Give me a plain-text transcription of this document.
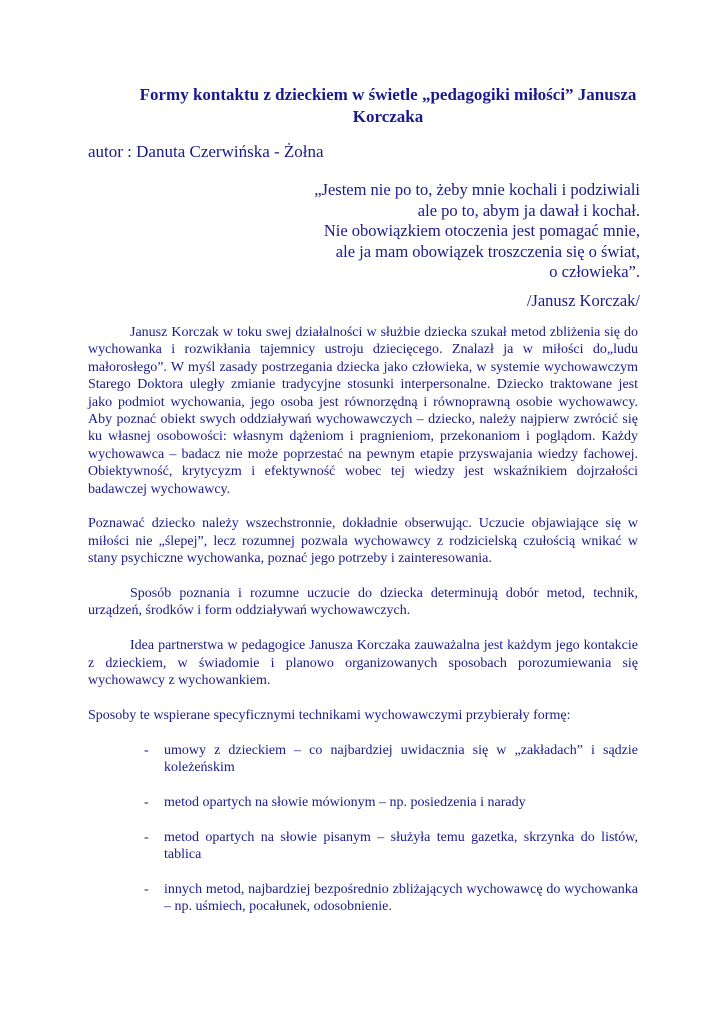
Formy kontaktu z dzieckiem w świetle „pedagogiki miłości” Janusza
Korczaka
autor : Danuta Czerwińska - Żołna
„Jestem nie po to, żeby mnie kochali i podziwiali
ale po to, abym ja dawał i kochał.
Nie obowiązkiem otoczenia jest pomagać mnie,
ale ja mam obowiązek troszczenia się o świat,
o człowieka”.
/Janusz Korczak/

Janusz Korczak w toku swej działalności w służbie dziecka szukał metod zbliżenia się do wychowanka i rozwikłania tajemnicy ustroju dziecięcego. Znalazł ja w miłości do„ludu małorosłego”. W myśl zasady postrzegania dziecka jako człowieka, w systemie wychowawczym Starego Doktora uległy zmianie tradycyjne stosunki interpersonalne. Dziecko traktowane jest jako podmiot wychowania, jego osoba jest równorzędną i równoprawną osobie wychowawcy. Aby poznać obiekt swych oddziaływań wychowawczych – dziecko, należy najpierw zwrócić się ku własnej osobowości: własnym dążeniom i pragnieniom, przekonaniom i poglądom. Każdy wychowawca – badacz nie może poprzestać na pewnym etapie przyswajania wiedzy fachowej. Obiektywność, krytycyzm i efektywność wobec tej wiedzy jest wskaźnikiem dojrzałości badawczej wychowawcy.

Poznawać dziecko należy wszechstronnie, dokładnie obserwując. Uczucie objawiające się w miłości nie „ślepej”, lecz rozumnej pozwala wychowawcy z rodzicielską czułością wnikać w stany psychiczne wychowanka, poznać jego potrzeby i zainteresowania.

Sposób poznania i rozumne uczucie do dziecka determinują dobór metod, technik, urządzeń, środków i form oddziaływań wychowawczych.

Idea partnerstwa w pedagogice Janusza Korczaka zauważalna jest każdym jego kontakcie z dzieckiem, w świadomie i planowo organizowanych sposobach porozumiewania się wychowawcy z wychowankiem.

Sposoby te wspierane specyficznymi technikami wychowawczymi przybierały formę:

- umowy z dzieckiem – co najbardziej uwidacznia się w „zakładach” i sądzie koleżeńskim
- metod opartych na słowie mówionym – np. posiedzenia i narady
- metod opartych na słowie pisanym – służyła temu gazetka, skrzynka do listów, tablica
- innych metod, najbardziej bezpośrednio zbliżających wychowawcę do wychowanka – np. uśmiech, pocałunek, odosobnienie.
